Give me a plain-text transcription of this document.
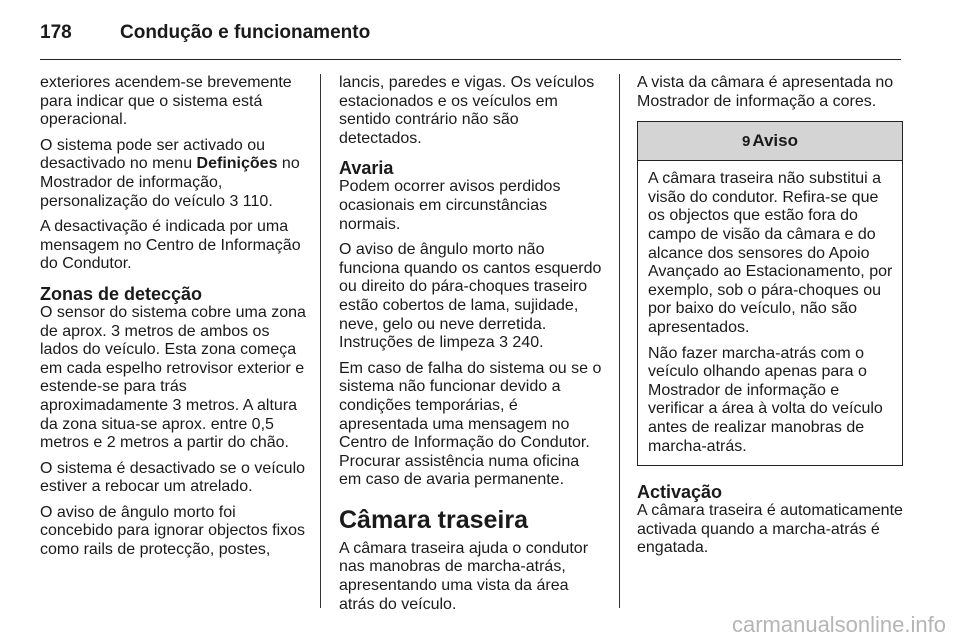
178	Condução e funcionamento

exteriores acendem-se brevemente para indicar que o sistema está operacional.

O sistema pode ser activado ou desactivado no menu Definições no Mostrador de informação, personalização do veículo 3 110.

A desactivação é indicada por uma mensagem no Centro de Informação do Condutor.

Zonas de detecção

O sensor do sistema cobre uma zona de aprox. 3 metros de ambos os lados do veículo. Esta zona começa em cada espelho retrovisor exterior e estende-se para trás aproximadamente 3 metros. A altura da zona situa-se aprox. entre 0,5 metros e 2 metros a partir do chão.

O sistema é desactivado se o veículo estiver a rebocar um atrelado.

O aviso de ângulo morto foi concebido para ignorar objectos fixos como rails de protecção, postes,

lancis, paredes e vigas. Os veículos estacionados e os veículos em sentido contrário não são detectados.

Avaria

Podem ocorrer avisos perdidos ocasionais em circunstâncias normais.

O aviso de ângulo morto não funciona quando os cantos esquerdo ou direito do pára-choques traseiro estão cobertos de lama, sujidade, neve, gelo ou neve derretida. Instruções de limpeza 3 240.

Em caso de falha do sistema ou se o sistema não funcionar devido a condições temporárias, é apresentada uma mensagem no Centro de Informação do Condutor. Procurar assistência numa oficina em caso de avaria permanente.

Câmara traseira

A câmara traseira ajuda o condutor nas manobras de marcha-atrás, apresentando uma vista da área atrás do veículo.

A vista da câmara é apresentada no Mostrador de informação a cores.

9 Aviso

A câmara traseira não substitui a visão do condutor. Refira-se que os objectos que estão fora do campo de visão da câmara e do alcance dos sensores do Apoio Avançado ao Estacionamento, por exemplo, sob o pára-choques ou por baixo do veículo, não são apresentados.

Não fazer marcha-atrás com o veículo olhando apenas para o Mostrador de informação e verificar a área à volta do veículo antes de realizar manobras de marcha-atrás.

Activação

A câmara traseira é automaticamente activada quando a marcha-atrás é engatada.

carmanualsonline.info
